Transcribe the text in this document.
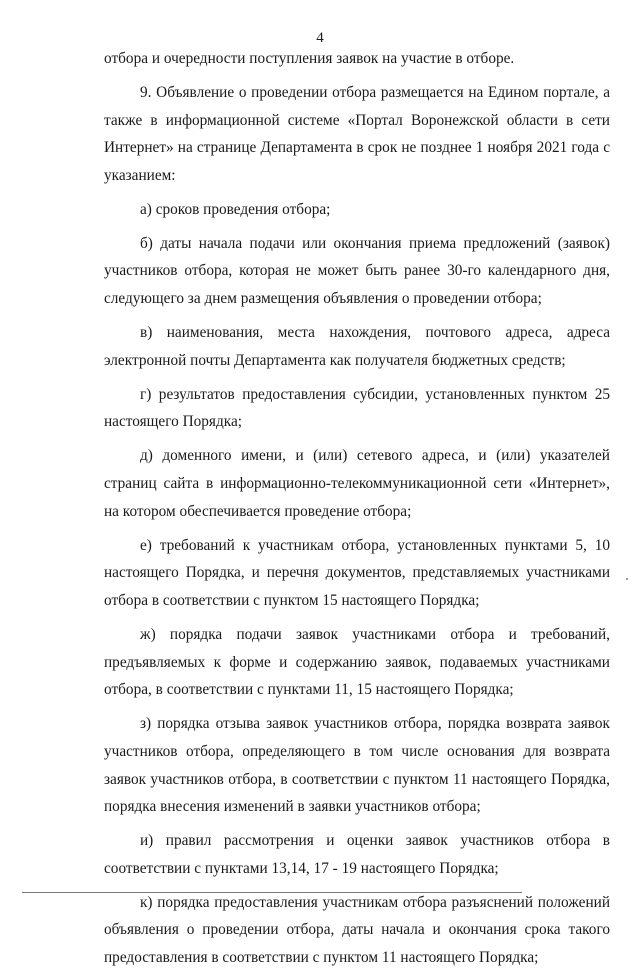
4

отбора и очередности поступления заявок на участие в отборе.

9. Объявление о проведении отбора размещается на Едином портале, а также в информационной системе «Портал Воронежской области в сети Интернет» на странице Департамента в срок не позднее 1 ноября 2021 года с указанием:

а) сроков проведения отбора;

б) даты начала подачи или окончания приема предложений (заявок) участников отбора, которая не может быть ранее 30-го календарного дня, следующего за днем размещения объявления о проведении отбора;

в) наименования, места нахождения, почтового адреса, адреса электронной почты Департамента как получателя бюджетных средств;

г) результатов предоставления субсидии, установленных пунктом 25 настоящего Порядка;

д) доменного имени, и (или) сетевого адреса, и (или) указателей страниц сайта в информационно-телекоммуникационной сети «Интернет», на котором обеспечивается проведение отбора;

е) требований к участникам отбора, установленных пунктами 5, 10 настоящего Порядка, и перечня документов, представляемых участниками отбора в соответствии с пунктом 15 настоящего Порядка;

ж) порядка подачи заявок участниками отбора и требований, предъявляемых к форме и содержанию заявок, подаваемых участниками отбора, в соответствии с пунктами 11, 15 настоящего Порядка;

з) порядка отзыва заявок участников отбора, порядка возврата заявок участников отбора, определяющего в том числе основания для возврата заявок участников отбора, в соответствии с пунктом 11 настоящего Порядка, порядка внесения изменений в заявки участников отбора;

и) правил рассмотрения и оценки заявок участников отбора в соответствии с пунктами 13,14, 17 - 19 настоящего Порядка;

к) порядка предоставления участникам отбора разъяснений положений объявления о проведении отбора, даты начала и окончания срока такого предоставления в соответствии с пунктом 11 настоящего Порядка;
